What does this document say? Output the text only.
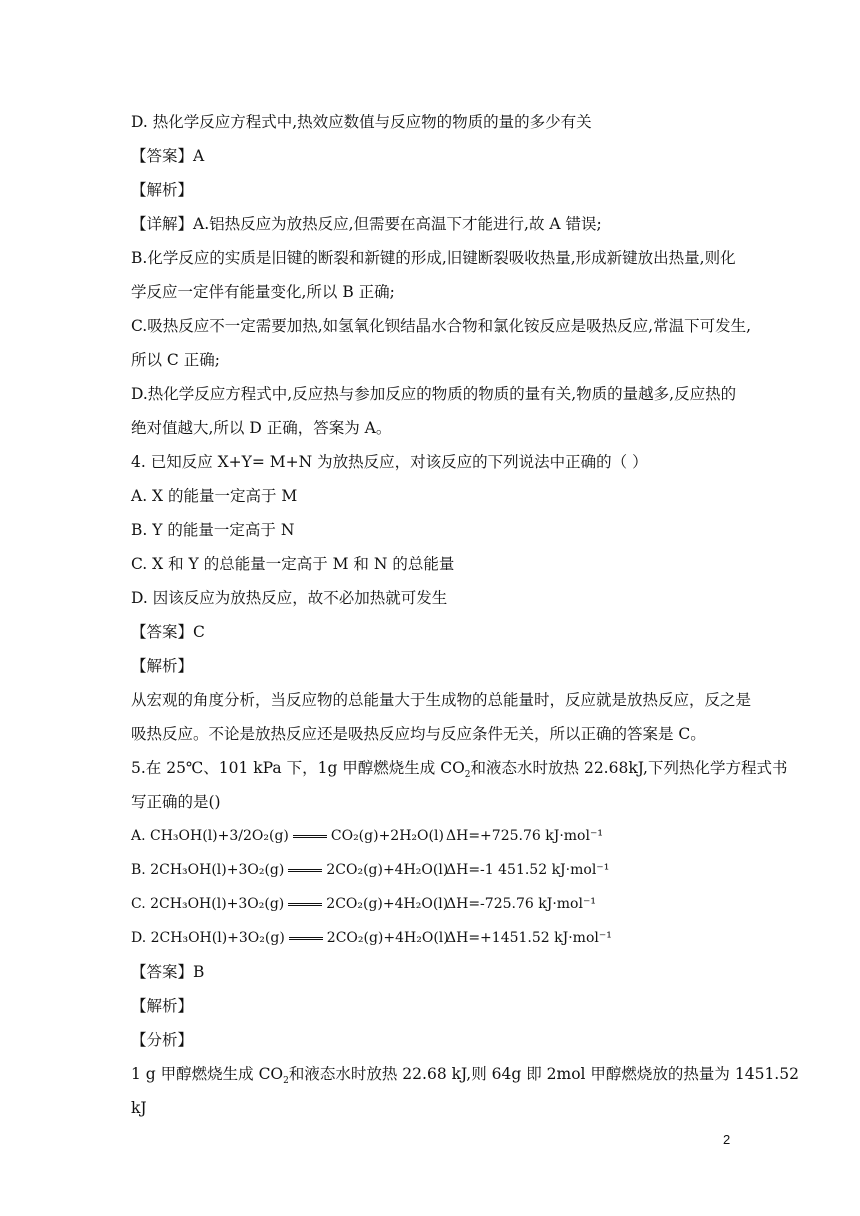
D. 热化学反应方程式中,热效应数值与反应物的物质的量的多少有关
【答案】A
【解析】
【详解】A.铝热反应为放热反应,但需要在高温下才能进行,故 A 错误;
B.化学反应的实质是旧键的断裂和新键的形成,旧键断裂吸收热量,形成新键放出热量,则化
学反应一定伴有能量变化,所以 B 正确;
C.吸热反应不一定需要加热,如氢氧化钡结晶水合物和氯化铵反应是吸热反应,常温下可发生,
所以 C 正确;
D.热化学反应方程式中,反应热与参加反应的物质的物质的量有关,物质的量越多,反应热的
绝对值越大,所以 D 正确，答案为 A。
4. 已知反应 X+Y= M+N 为放热反应，对该反应的下列说法中正确的（ ）
A. X 的能量一定高于 M
B. Y 的能量一定高于 N
C. X 和 Y 的总能量一定高于 M 和 N 的总能量
D. 因该反应为放热反应，故不必加热就可发生
【答案】C
【解析】
从宏观的角度分析，当反应物的总能量大于生成物的总能量时，反应就是放热反应，反之是
吸热反应。不论是放热反应还是吸热反应均与反应条件无关，所以正确的答案是 C。
5.在 25℃、101 kPa 下，1g 甲醇燃烧生成 $CO_2$和液态水时放热 22.68kJ,下列热化学方程式书
写正确的是()
A. CH₃OH(l)+3/2O₂(g)	CO₂(g)+2H₂O(l) ΔH=+725.76 kJ·mol⁻¹
B. 2CH₃OH(l)+3O₂(g)	2CO₂(g)+4H₂O(l)
ΔH=-1 451.52 kJ·mol⁻¹
C. 2CH₃OH(l)+3O₂(g)	2CO₂(g)+4H₂O(l)
ΔH=-725.76 kJ·mol⁻¹
D. 2CH₃OH(l)+3O₂(g)	2CO₂(g)+4H₂O(l)
ΔH=+1451.52 kJ·mol⁻¹
【答案】B
【解析】
【分析】
1 g 甲醇燃烧生成 $CO_2$和液态水时放热 22.68 kJ,则 64g 即 2mol 甲醇燃烧放的热量为 1451.52
kJ
2
